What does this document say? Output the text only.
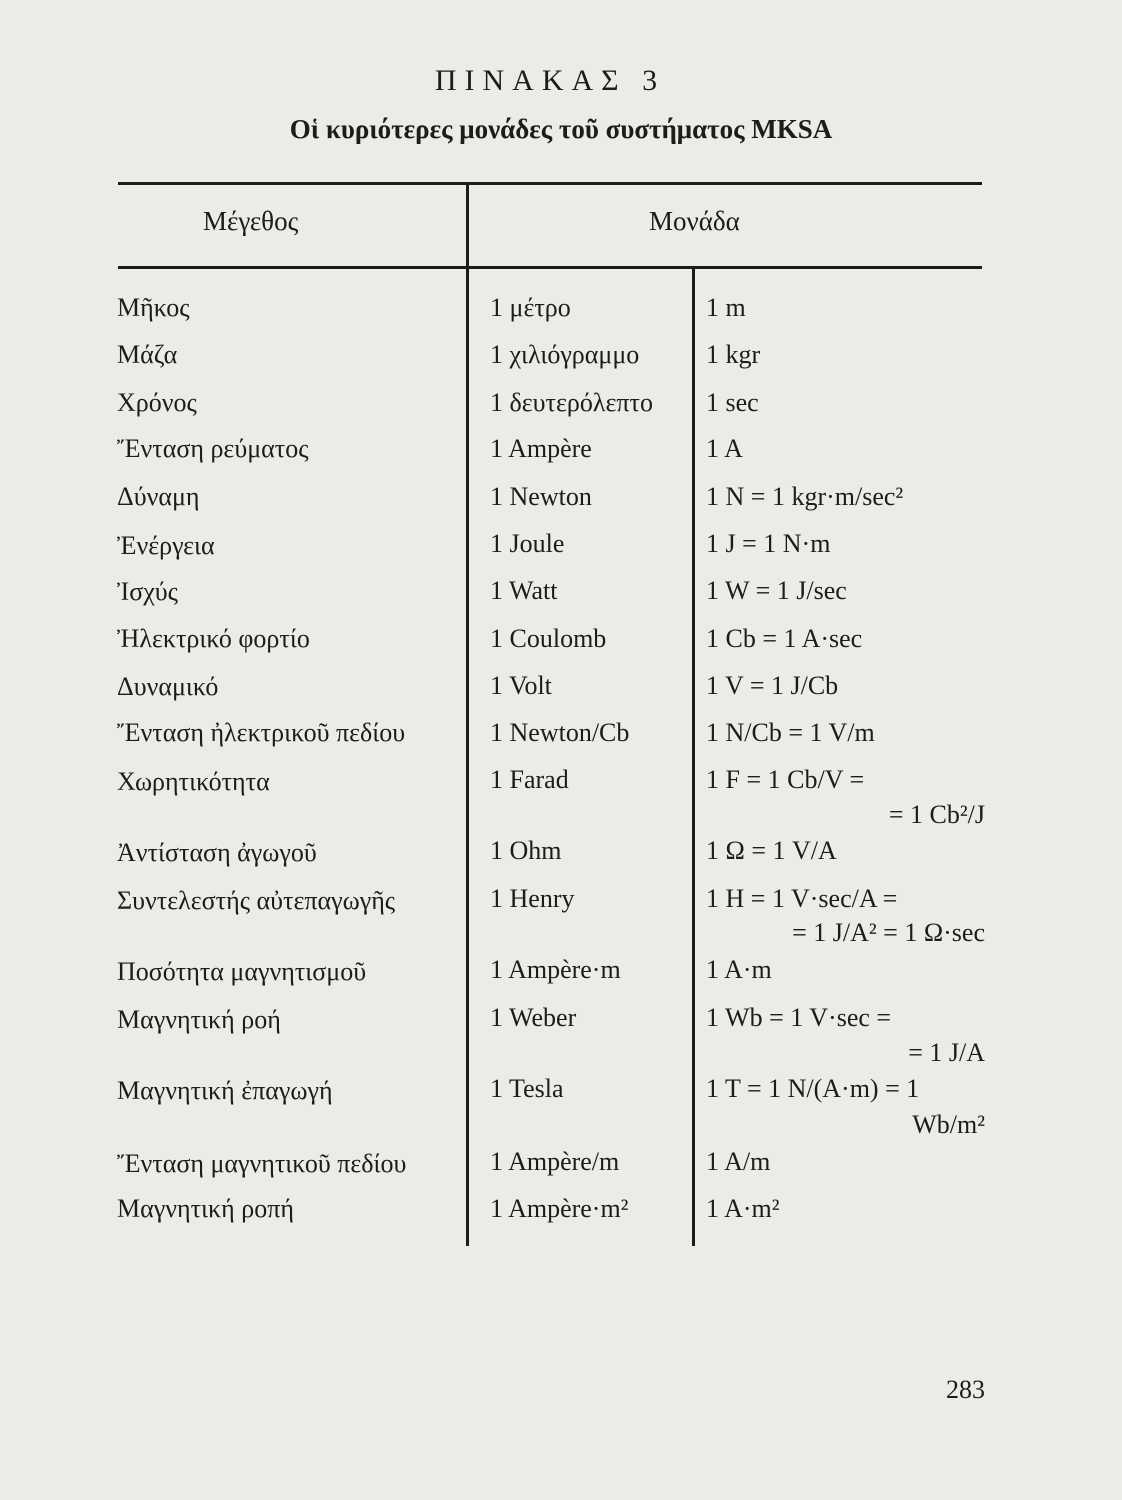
ΠΙΝΑΚΑΣ 3
Οἱ κυριότερες μονάδες τοῦ συστήματος MKSA
Μέγεθος	Μονάδα
Μῆκος	1 μέτρο	1 m
Μάζα	1 χιλιόγραμμο	1 kgr
Χρόνος	1 δευτερόλεπτο 1 sec
Ἔνταση ρεύματος	1 Ampère	1 A
Δύναμη	1 Newton	1 N = 1 kgr·m/sec²
Ἐνέργεια	1 Joule	1 J = 1 N·m
Ἰσχύς	1 Watt	1 W = 1 J/sec
Ἠλεκτρικό φορτίο	1 Coulomb	1 Cb = 1 A·sec
Δυναμικό	1 Volt	1 V = 1 J/Cb
Ἔνταση ἠλεκτρικοῦ πεδίου	1 Newton/Cb	1 N/Cb = 1 V/m
Χωρητικότητα	1 Farad	1 F = 1 Cb/V =
= 1 Cb²/J
Ἀντίσταση ἀγωγοῦ	1 Ohm	1 Ω = 1 V/A
Συντελεστής αὐτεπαγωγῆς	1 Henry	1 H = 1 V·sec/A =
= 1 J/A² = 1 Ω·sec
Ποσότητα μαγνητισμοῦ	1 Ampère·m	1 A·m
Μαγνητική ροή	1 Weber	1 Wb = 1 V·sec =
= 1 J/A
Μαγνητική ἐπαγωγή	1 Tesla	1 T = 1 N/(A·m) = 1
Wb/m²
Ἔνταση μαγνητικοῦ πεδίου	1 Ampère/m	1 A/m
Μαγνητική ροπή	1 Ampère·m²	1 A·m²
283
